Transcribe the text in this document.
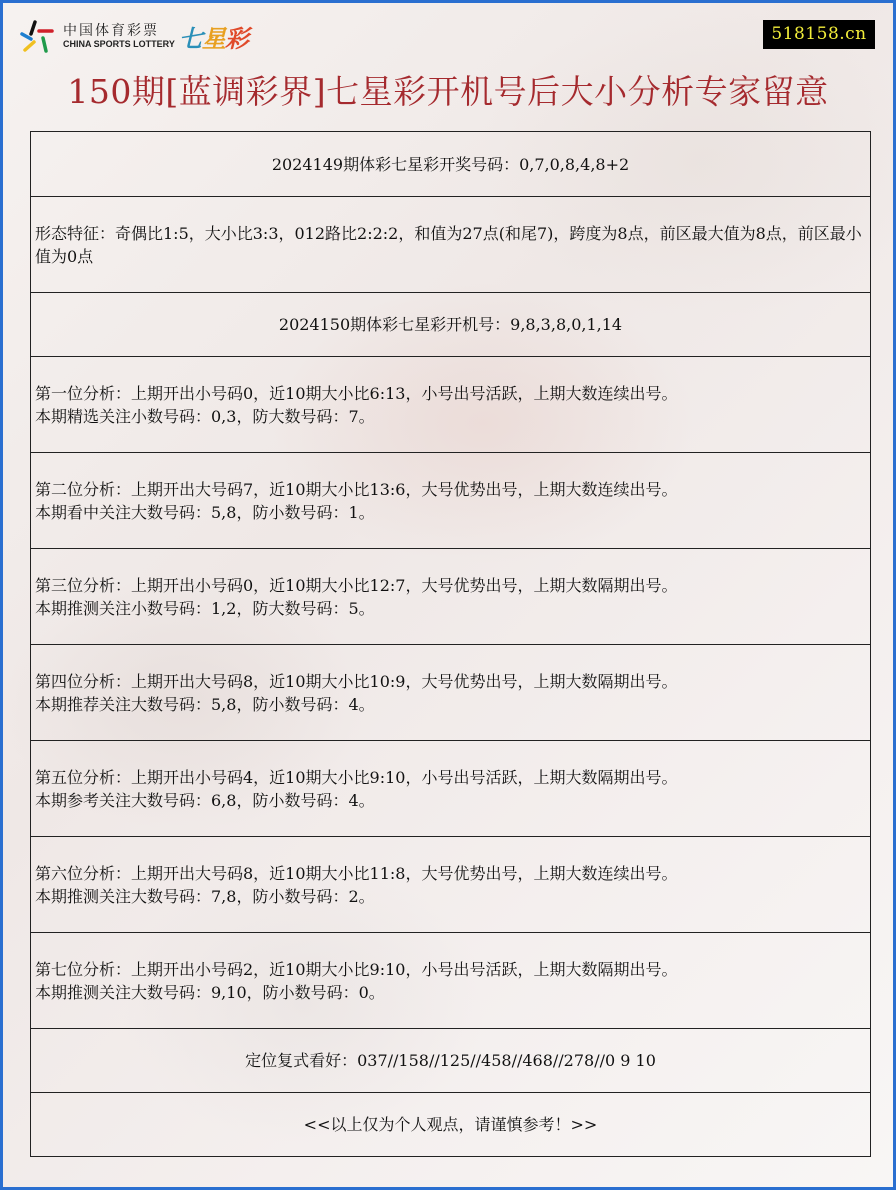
中国体育彩票
CHINA SPORTS LOTTERY 七星彩	518158.cn
150期[蓝调彩界]七星彩开机号后大小分析专家留意
2024149期体彩七星彩开奖号码：0,7,0,8,4,8+2
形态特征：奇偶比1:5，大小比3:3，012路比2:2:2，和值为27点(和尾7)，跨度为8点，前区最大值为8点，前区最小值为0点
2024150期体彩七星彩开机号：9,8,3,8,0,1,14
第一位分析：上期开出小号码0，近10期大小比6:13，小号出号活跃，上期大数连续出号。
本期精选关注小数号码：0,3，防大数号码：7。
第二位分析：上期开出大号码7，近10期大小比13:6，大号优势出号，上期大数连续出号。
本期看中关注大数号码：5,8，防小数号码：1。
第三位分析：上期开出小号码0，近10期大小比12:7，大号优势出号，上期大数隔期出号。
本期推测关注小数号码：1,2，防大数号码：5。
第四位分析：上期开出大号码8，近10期大小比10:9，大号优势出号，上期大数隔期出号。
本期推荐关注大数号码：5,8，防小数号码：4。
第五位分析：上期开出小号码4，近10期大小比9:10，小号出号活跃，上期大数隔期出号。
本期参考关注大数号码：6,8，防小数号码：4。
第六位分析：上期开出大号码8，近10期大小比11:8，大号优势出号，上期大数连续出号。
本期推测关注大数号码：7,8，防小数号码：2。
第七位分析：上期开出小号码2，近10期大小比9:10，小号出号活跃，上期大数隔期出号。
本期推测关注大数号码：9,10，防小数号码：0。
定位复式看好：037//158//125//458//468//278//0 9 10
<<以上仅为个人观点，请谨慎参考！>>
